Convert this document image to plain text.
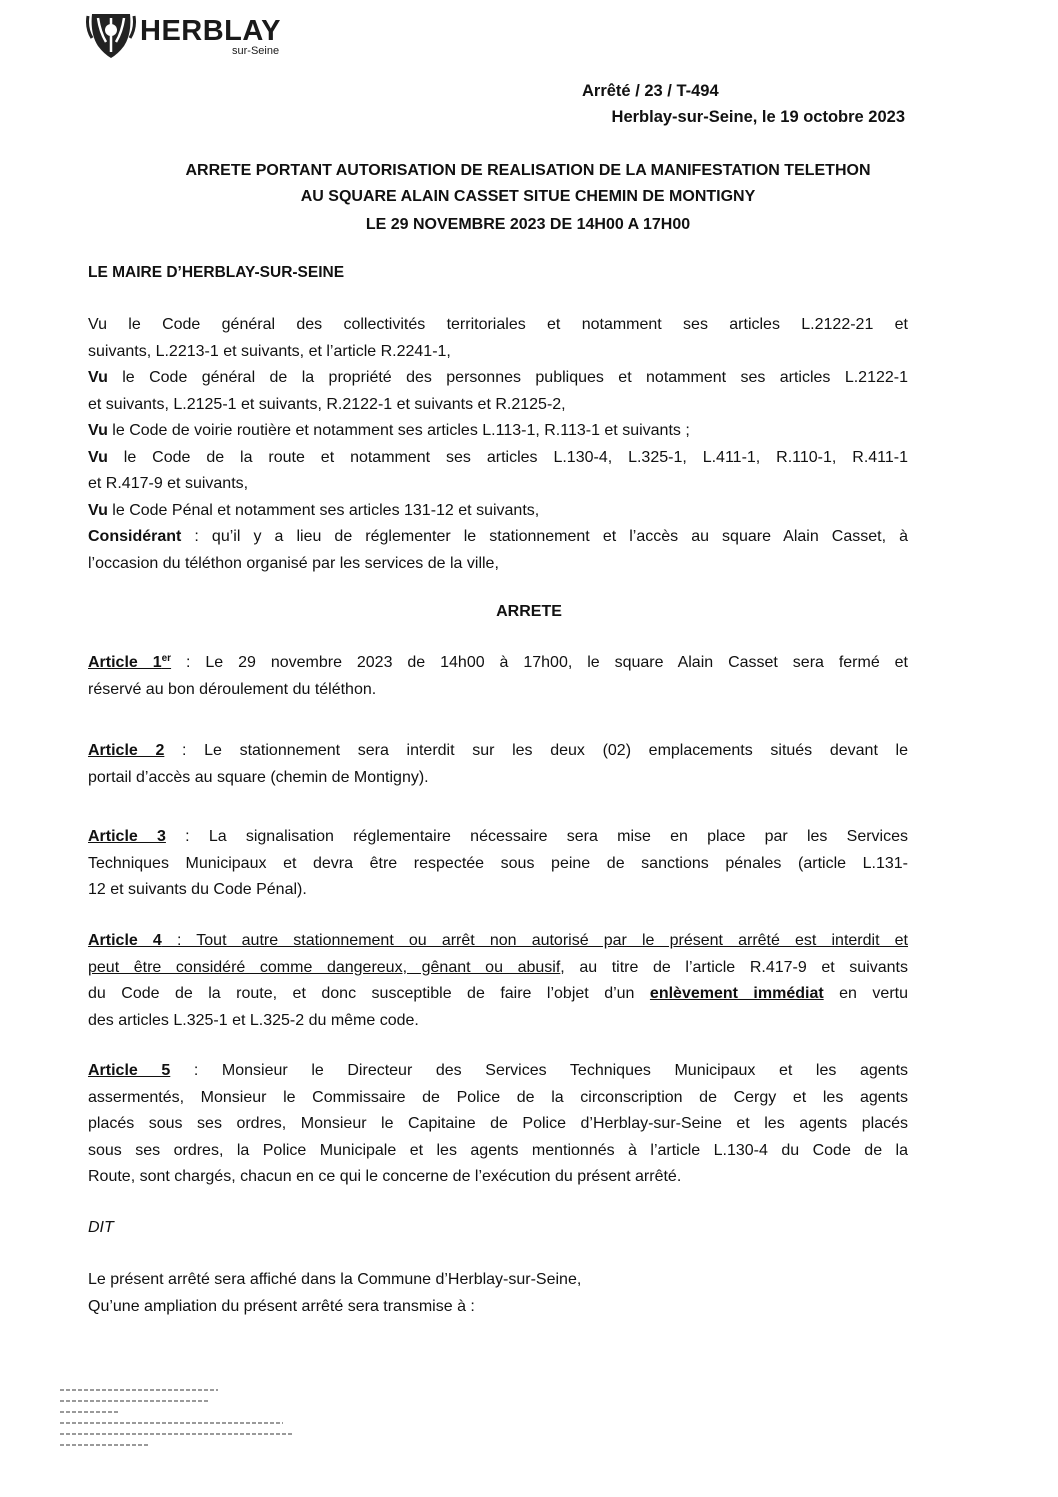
HERBLAY
sur-Seine
Arrêté / 23 / T-494
Herblay-sur-Seine, le 19 octobre 2023
ARRETE PORTANT AUTORISATION DE REALISATION DE LA MANIFESTATION TELETHON
AU SQUARE ALAIN CASSET SITUE CHEMIN DE MONTIGNY
LE 29 NOVEMBRE 2023 DE 14H00 A 17H00
LE MAIRE D’HERBLAY-SUR-SEINE
Vu le Code général des collectivités territoriales et notamment ses articles L.2122-21 et
suivants, L.2213-1 et suivants, et l’article R.2241-1,
Vu le Code général de la propriété des personnes publiques et notamment ses articles L.2122-1
et suivants, L.2125-1 et suivants, R.2122-1 et suivants et R.2125-2,
Vu le Code de voirie routière et notamment ses articles L.113-1, R.113-1 et suivants ;
Vu le Code de la route et notamment ses articles L.130-4, L.325-1, L.411-1, R.110-1, R.411-1
et R.417-9 et suivants,
Vu le Code Pénal et notamment ses articles 131-12 et suivants,
Considérant : qu’il y a lieu de réglementer le stationnement et l’accès au square Alain Casset, à
l’occasion du téléthon organisé par les services de la ville,
ARRETE
Article 1er : Le 29 novembre 2023 de 14h00 à 17h00, le square Alain Casset sera fermé et
réservé au bon déroulement du téléthon.
Article 2 : Le stationnement sera interdit sur les deux (02) emplacements situés devant le
portail d’accès au square (chemin de Montigny).
Article 3 : La signalisation réglementaire nécessaire sera mise en place par les Services
Techniques Municipaux et devra être respectée sous peine de sanctions pénales (article L.131-
12 et suivants du Code Pénal).
Article 4 : Tout autre stationnement ou arrêt non autorisé par le présent arrêté est interdit et
peut être considéré comme dangereux, gênant ou abusif, au titre de l’article R.417-9 et suivants
du Code de la route, et donc susceptible de faire l’objet d’un enlèvement immédiat en vertu
des articles L.325-1 et L.325-2 du même code.
Article 5 : Monsieur le Directeur des Services Techniques Municipaux et les agents
assermentés, Monsieur le Commissaire de Police de la circonscription de Cergy et les agents
placés sous ses ordres, Monsieur le Capitaine de Police d’Herblay-sur-Seine et les agents placés
sous ses ordres, la Police Municipale et les agents mentionnés à l’article L.130-4 du Code de la
Route, sont chargés, chacun en ce qui le concerne de l’exécution du présent arrêté.
DIT
Le présent arrêté sera affiché dans la Commune d’Herblay-sur-Seine,
Qu’une ampliation du présent arrêté sera transmise à :
